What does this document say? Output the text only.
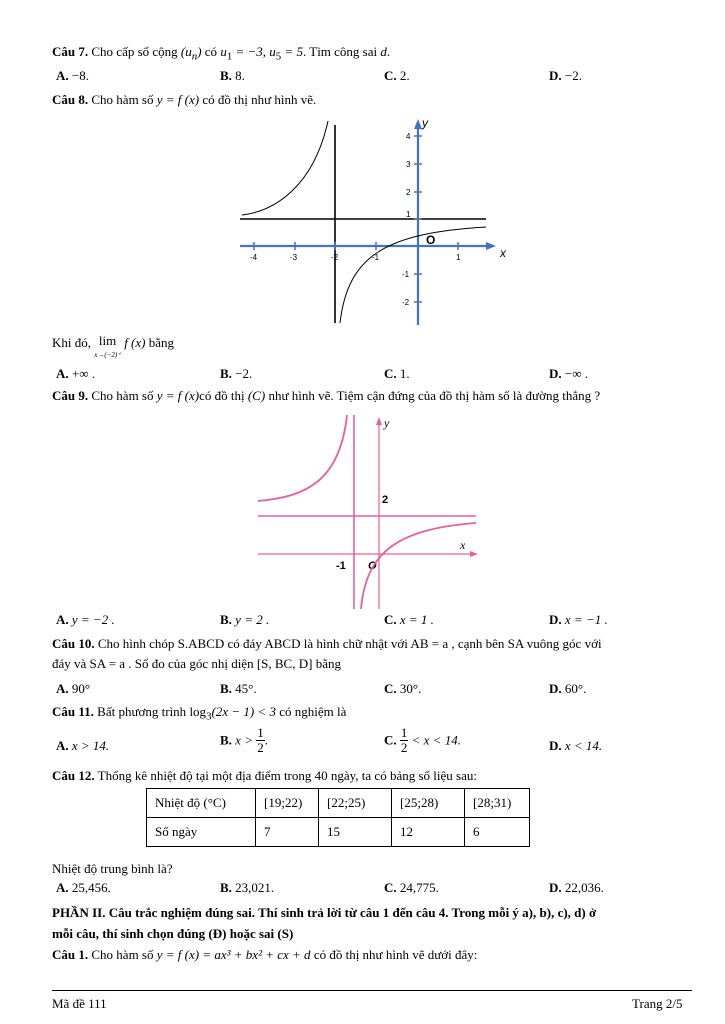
Câu 7. Cho cấp số cộng $(u_n)$ có $u_1 = -3$, $u_5 = 5$. Tìm công sai d.
A. −8.	B. 8.	C. 2.	D. −2.
Câu 8. Cho hàm số y = f (x) có đồ thị như hình vẽ.
-4	-3	-2	-1	1
4
3
2
1
-1
-2
y
x
O
Khi đó, lim
x→(−2)⁺ f (x) bằng
A. +∞ .	B. −2.	C. 1.	D. −∞ .
Câu 9. Cho hàm số y = f (x)có đồ thị (C) như hình vẽ. Tiệm cận đứng của đồ thị hàm số là đường thẳng ?
y
x
2
-1 O
A. y = −2 .	B. y = 2 .	C. x = 1 .	D. x = −1 .
Câu 10. Cho hình chóp S.ABCD có đáy ABCD là hình chữ nhật với AB = a , cạnh bên SA vuông góc với
đáy và SA = a . Số đo của góc nhị diện [S, BC, D] bằng
A. 90°	B. 45°.	C. 30°.	D. 60°.
Câu 11. Bất phương trình $\log_3(2x - 1) < 3$ có nghiệm là
A. x > 14.	B. $x > \frac{1}{2}$ .	C. $\frac{1}{2} < x < 14$.	D. x < 14.
Câu 12. Thống kê nhiệt độ tại một địa điểm trong 40 ngày, ta có bảng số liệu sau:
Nhiệt độ (°C)	[19;22)	[22;25)	[25;28)	[28;31)
Số ngày	7	15	12	6
Nhiệt độ trung bình là?
A. 25,456.	B. 23,021.	C. 24,775.	D. 22,036.
PHẦN II. Câu trắc nghiệm đúng sai. Thí sinh trả lời từ câu 1 đến câu 4. Trong mỗi ý a), b), c), d) ở
mỗi câu, thí sinh chọn đúng (Đ) hoặc sai (S)
Câu 1. Cho hàm số y = f (x) = ax³ + bx² + cx + d có đồ thị như hình vẽ dưới đây:
Mã đề 111	Trang 2/5
